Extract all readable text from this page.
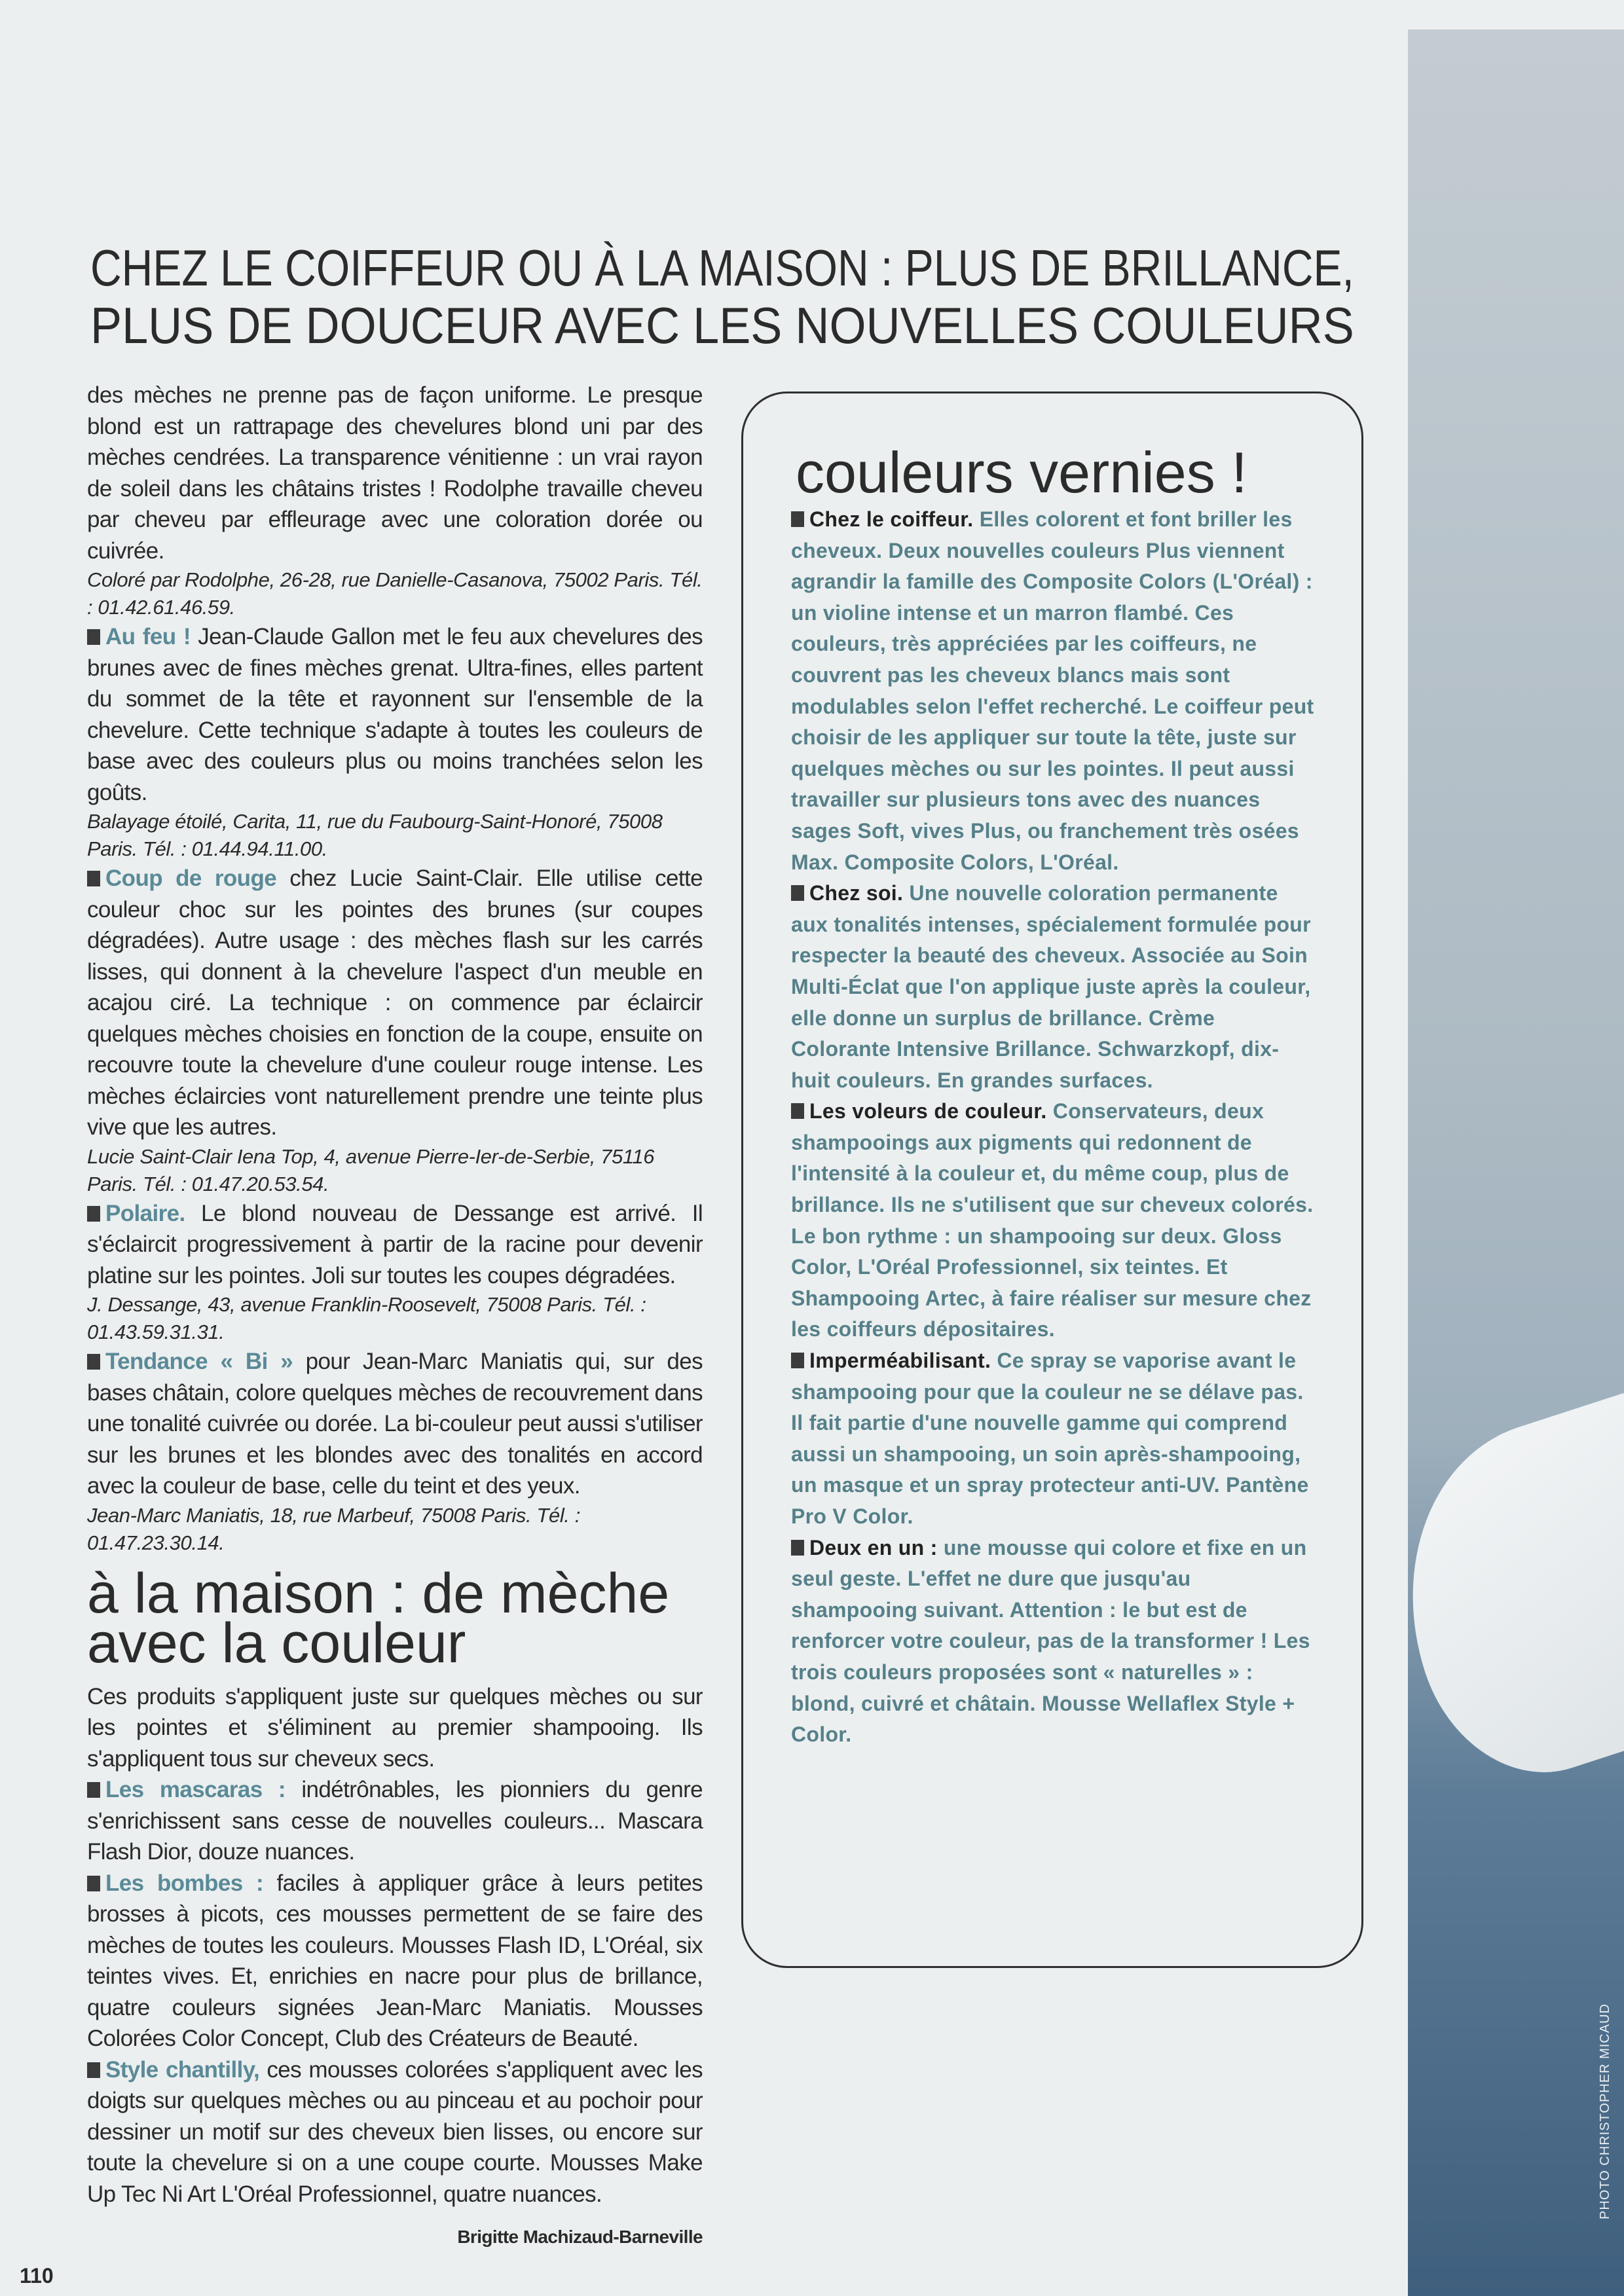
PHOTO CHRISTOPHER MICAUD
CHEZ LE COIFFEUR OU À LA MAISON : PLUS DE BRILLANCE,
PLUS DE DOUCEUR AVEC LES NOUVELLES COULEURS

des mèches ne prenne pas de façon uniforme. Le presque blond est un rattrapage des chevelures blond uni par des mèches cendrées. La transparence vénitienne : un vrai rayon de soleil dans les châtains tristes ! Rodolphe travaille cheveu par cheveu par effleurage avec une coloration dorée ou cuivrée.

Coloré par Rodolphe, 26-28, rue Danielle-Casanova, 75002 Paris. Tél. : 01.42.61.46.59.

Au feu ! Jean-Claude Gallon met le feu aux chevelures des brunes avec de fines mèches grenat. Ultra-fines, elles partent du sommet de la tête et rayonnent sur l'ensemble de la chevelure. Cette technique s'adapte à toutes les couleurs de base avec des couleurs plus ou moins tranchées selon les goûts.

Balayage étoilé, Carita, 11, rue du Faubourg-Saint-Honoré, 75008 Paris. Tél. : 01.44.94.11.00.

Coup de rouge chez Lucie Saint-Clair. Elle utilise cette couleur choc sur les pointes des brunes (sur coupes dégradées). Autre usage : des mèches flash sur les carrés lisses, qui donnent à la chevelure l'aspect d'un meuble en acajou ciré. La technique : on commence par éclaircir quelques mèches choisies en fonction de la coupe, ensuite on recouvre toute la chevelure d'une couleur rouge intense. Les mèches éclaircies vont naturellement prendre une teinte plus vive que les autres.

Lucie Saint-Clair Iena Top, 4, avenue Pierre-Ier-de-Serbie, 75116 Paris. Tél. : 01.47.20.53.54.

Polaire. Le blond nouveau de Dessange est arrivé. Il s'éclaircit progressivement à partir de la racine pour devenir platine sur les pointes. Joli sur toutes les coupes dégradées.

J. Dessange, 43, avenue Franklin-Roosevelt, 75008 Paris. Tél. : 01.43.59.31.31.

Tendance « Bi » pour Jean-Marc Maniatis qui, sur des bases châtain, colore quelques mèches de recouvrement dans une tonalité cuivrée ou dorée. La bi-couleur peut aussi s'utiliser sur les brunes et les blondes avec des tonalités en accord avec la couleur de base, celle du teint et des yeux.

Jean-Marc Maniatis, 18, rue Marbeuf, 75008 Paris. Tél. : 01.47.23.30.14.

à la maison : de mèche
avec la couleur

Ces produits s'appliquent juste sur quelques mèches ou sur les pointes et s'éliminent au premier shampooing. Ils s'appliquent tous sur cheveux secs.

Les mascaras : indétrônables, les pionniers du genre s'enrichissent sans cesse de nouvelles couleurs... Mascara Flash Dior, douze nuances.

Les bombes : faciles à appliquer grâce à leurs petites brosses à picots, ces mousses permettent de se faire des mèches de toutes les couleurs. Mousses Flash ID, L'Oréal, six teintes vives. Et, enrichies en nacre pour plus de brillance, quatre couleurs signées Jean-Marc Maniatis. Mousses Colorées Color Concept, Club des Créateurs de Beauté.

Style chantilly, ces mousses colorées s'appliquent avec les doigts sur quelques mèches ou au pinceau et au pochoir pour dessiner un motif sur des cheveux bien lisses, ou encore sur toute la chevelure si on a une coupe courte. Mousses Make Up Tec Ni Art L'Oréal Professionnel, quatre nuances.

Brigitte Machizaud-Barneville
couleurs vernies !

Chez le coiffeur. Elles colorent et font briller les cheveux. Deux nouvelles couleurs Plus viennent agrandir la famille des Composite Colors (L'Oréal) : un violine intense et un marron flambé. Ces couleurs, très appréciées par les coiffeurs, ne couvrent pas les cheveux blancs mais sont modulables selon l'effet recherché. Le coiffeur peut choisir de les appliquer sur toute la tête, juste sur quelques mèches ou sur les pointes. Il peut aussi travailler sur plusieurs tons avec des nuances sages Soft, vives Plus, ou franchement très osées Max. Composite Colors, L'Oréal.

Chez soi. Une nouvelle coloration permanente aux tonalités intenses, spécialement formulée pour respecter la beauté des cheveux. Associée au Soin Multi-Éclat que l'on applique juste après la couleur, elle donne un surplus de brillance. Crème Colorante Intensive Brillance. Schwarzkopf, dix-huit couleurs. En grandes surfaces.

Les voleurs de couleur. Conservateurs, deux shampooings aux pigments qui redonnent de l'intensité à la couleur et, du même coup, plus de brillance. Ils ne s'utilisent que sur cheveux colorés. Le bon rythme : un shampooing sur deux. Gloss Color, L'Oréal Professionnel, six teintes. Et Shampooing Artec, à faire réaliser sur mesure chez les coiffeurs dépositaires.

Imperméabilisant. Ce spray se vaporise avant le shampooing pour que la couleur ne se délave pas. Il fait partie d'une nouvelle gamme qui comprend aussi un shampooing, un soin après-shampooing, un masque et un spray protecteur anti-UV. Pantène Pro V Color.

Deux en un : une mousse qui colore et fixe en un seul geste. L'effet ne dure que jusqu'au shampooing suivant. Attention : le but est de renforcer votre couleur, pas de la transformer ! Les trois couleurs proposées sont « naturelles » : blond, cuivré et châtain. Mousse Wellaflex Style + Color.

110
